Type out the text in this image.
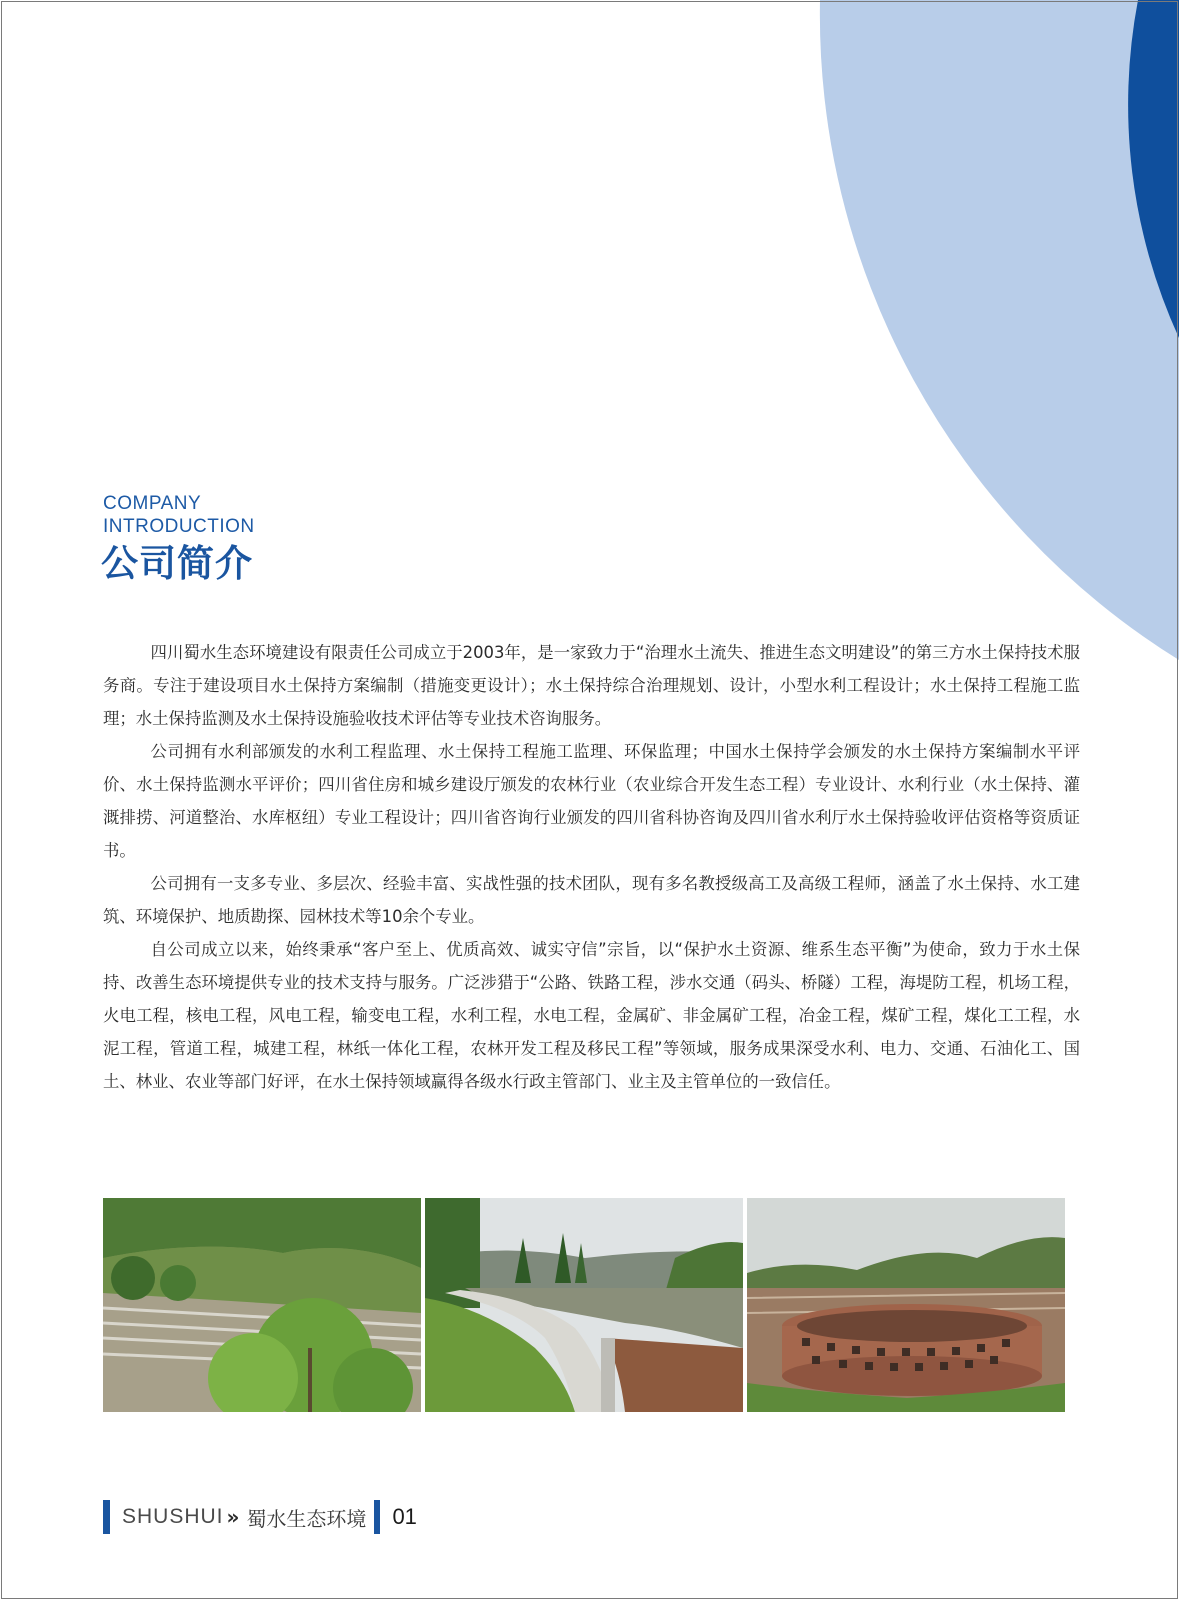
COMPANY
INTRODUCTION
公司简介

四川蜀水生态环境建设有限责任公司成立于2003年，是一家致力于“治理水土流失、推进生态文明建设”的第三方水土保持技术服务商。专注于建设项目水土保持方案编制（措施变更设计）；水土保持综合治理规划、设计，小型水利工程设计；水土保持工程施工监理；水土保持监测及水土保持设施验收技术评估等专业技术咨询服务。

公司拥有水利部颁发的水利工程监理、水土保持工程施工监理、环保监理；中国水土保持学会颁发的水土保持方案编制水平评价、水土保持监测水平评价；四川省住房和城乡建设厅颁发的农林行业（农业综合开发生态工程）专业设计、水利行业（水土保持、灌溉排捞、河道整治、水库枢纽）专业工程设计；四川省咨询行业颁发的四川省科协咨询及四川省水利厅水土保持验收评估资格等资质证书。

公司拥有一支多专业、多层次、经验丰富、实战性强的技术团队，现有多名教授级高工及高级工程师，涵盖了水土保持、水工建筑、环境保护、地质勘探、园林技术等10余个专业。

自公司成立以来，始终秉承“客户至上、优质高效、诚实守信”宗旨，以“保护水土资源、维系生态平衡”为使命，致力于水土保持、改善生态环境提供专业的技术支持与服务。广泛涉猎于“公路、铁路工程，涉水交通（码头、桥隧）工程，海堤防工程，机场工程，火电工程，核电工程，风电工程，输变电工程，水利工程，水电工程，金属矿、非金属矿工程，冶金工程，煤矿工程，煤化工工程，水泥工程，管道工程，城建工程，林纸一体化工程，农林开发工程及移民工程”等领域，服务成果深受水利、电力、交通、石油化工、国土、林业、农业等部门好评，在水土保持领域赢得各级水行政主管部门、业主及主管单位的一致信任。

SHUSHUI » 蜀水生态环境 01
